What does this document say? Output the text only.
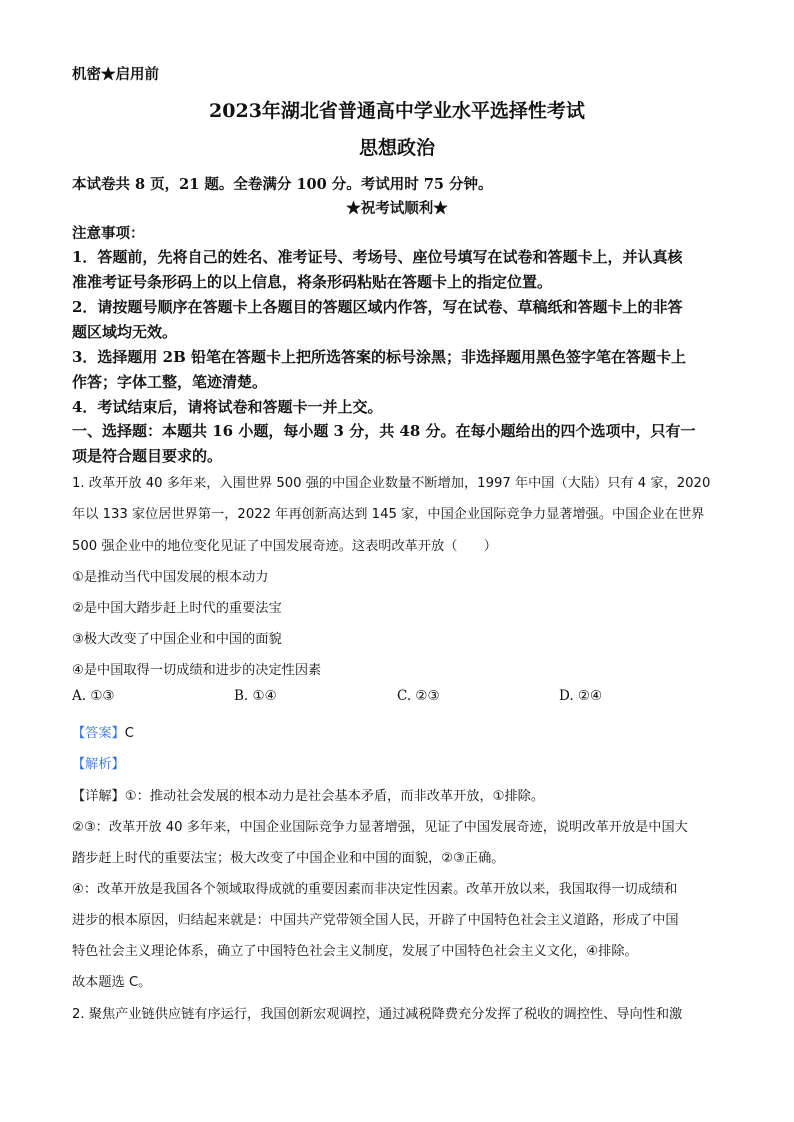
机密★启用前
2023年湖北省普通高中学业水平选择性考试
思想政治
本试卷共 8 页，21 题。全卷满分 100 分。考试用时 75 分钟。
★祝考试顺利★
注意事项：
1．答题前，先将自己的姓名、准考证号、考场号、座位号填写在试卷和答题卡上，并认真核
准准考证号条形码上的以上信息，将条形码粘贴在答题卡上的指定位置。
2．请按题号顺序在答题卡上各题目的答题区域内作答，写在试卷、草稿纸和答题卡上的非答
题区域均无效。
3．选择题用 2B 铅笔在答题卡上把所选答案的标号涂黑；非选择题用黑色签字笔在答题卡上
作答；字体工整，笔迹清楚。
4．考试结束后，请将试卷和答题卡一并上交。
一、选择题：本题共 16 小题，每小题 3 分，共 48 分。在每小题给出的四个选项中，只有一
项是符合题目要求的。
1. 改革开放 40 多年来，入围世界 500 强的中国企业数量不断增加，1997 年中国（大陆）只有 4 家，2020
年以 133 家位居世界第一，2022 年再创新高达到 145 家，中国企业国际竞争力显著增强。中国企业在世界
500 强企业中的地位变化见证了中国发展奇迹。这表明改革开放（　　）
①是推动当代中国发展的根本动力
②是中国大踏步赶上时代的重要法宝
③极大改变了中国企业和中国的面貌
④是中国取得一切成绩和进步的决定性因素
A. ①③	B. ①④	C. ②③	D. ②④
【答案】C
【解析】
【详解】①：推动社会发展的根本动力是社会基本矛盾，而非改革开放，①排除。
②③：改革开放 40 多年来，中国企业国际竞争力显著增强，见证了中国发展奇迹，说明改革开放是中国大
踏步赶上时代的重要法宝；极大改变了中国企业和中国的面貌，②③正确。
④：改革开放是我国各个领域取得成就的重要因素而非决定性因素。改革开放以来，我国取得一切成绩和
进步的根本原因，归结起来就是：中国共产党带领全国人民，开辟了中国特色社会主义道路，形成了中国
特色社会主义理论体系，确立了中国特色社会主义制度，发展了中国特色社会主义文化，④排除。
故本题选 C。
2. 聚焦产业链供应链有序运行，我国创新宏观调控，通过减税降费充分发挥了税收的调控性、导向性和激
